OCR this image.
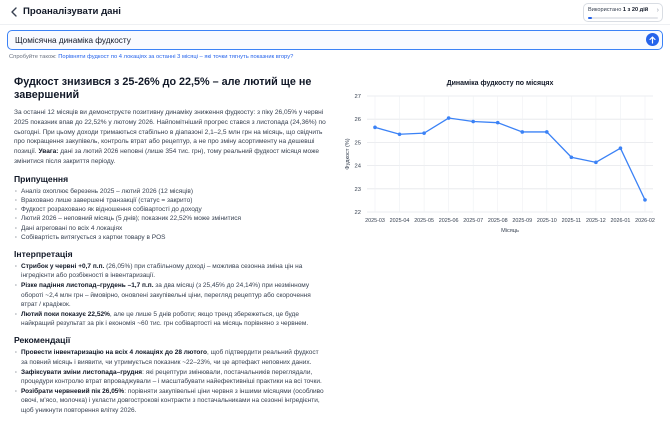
Проаналізувати дані	Використано 1 з 20 дій ›
Щомісячна динаміка фудкосту
Спробуйте також: Порівняти фудкост по 4 локаціях за останні 3 місяці – які точки тягнуть показник вгору?
Фудкост знизився з 25-26% до 22,5% – але лютий ще не завершений

За останні 12 місяців ви демонструєте позитивну динаміку зниження фудкосту: з піку 26,05% у червні 2025 показник впав до 22,52% у лютому 2026. Найпомітніший прогрес стався з листопада (24,36%) по сьогодні. При цьому доходи тримаються стабільно в діапазоні 2,1–2,5 млн грн на місяць, що свідчить про покращення закупівель, контроль втрат або рецептур, а не про зміну асортименту на дешевші позиції. Увага: дані за лютий 2026 неповні (лише 354 тис. грн), тому реальний фудкост місяця може змінитися після закриття періоду.

Припущення
· Аналіз охоплює березень 2025 – лютий 2026 (12 місяців)
· Враховано лише завершені транзакції (статус = закрито)
· Фудкост розраховано як відношення собівартості до доходу
· Лютий 2026 – неповний місяць (5 днів); показник 22,52% може змінитися
· Дані агреговані по всіх 4 локаціях
· Собівартість витягується з картки товару в POS
Інтерпретація
· Стрибок у червні +0,7 п.п. (26,05%) при стабільному доході – можлива сезонна зміна цін на інгредієнти або розбіжності в інвентаризації.
· Різке падіння листопад–грудень –1,7 п.п. за два місяці (з 25,45% до 24,14%) при незмінному обороті ~2,4 млн грн – ймовірно, оновлені закупівельні ціни, перегляд рецептур або скорочення втрат / крадіжок.
· Лютий поки показує 22,52%, але це лише 5 днів роботи; якщо тренд збережеться, це буде найкращий результат за рік і економія ~60 тис. грн собівартості на місяць порівняно з червнем.
Рекомендації
· Провести інвентаризацію на всіх 4 локаціях до 28 лютого, щоб підтвердити реальний фудкост за повний місяць і виявити, чи утримується показник ~22–23%, чи це артефакт неповних даних.
· Зафіксувати зміни листопада–грудня: які рецептури змінювали, постачальників переглядали, процедури контролю втрат впроваджували – і масштабувати найефективніші практики на всі точки.
· Розібрати червневий пік 26,05%: порівняти закупівельні ціни червня з іншими місяцями (особливо овочі, м'ясо, молочка) і укласти довгострокові контракти з постачальниками на сезонні інгредієнти, щоб уникнути повторення влітку 2026.
Динаміка фудкосту по місяцях
22
23
24
25
26
27
2025-03 2025-04 2025-05 2025-06 2025-07 2025-08 2025-09 2025-10 2025-11 2025-12 2026-01 2026-02
Фудкост (%)
Місяць
